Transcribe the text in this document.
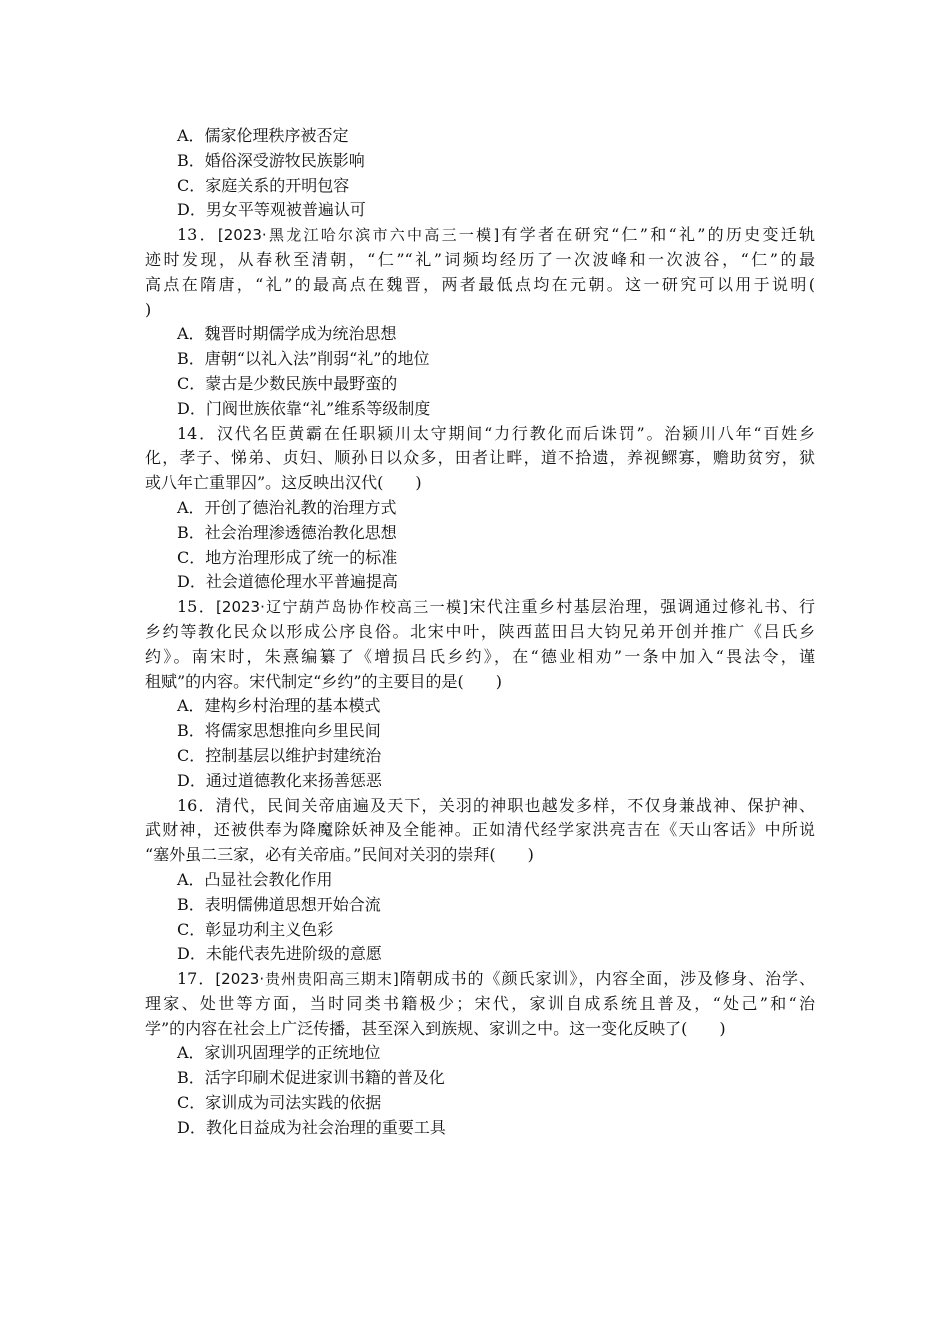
A．儒家伦理秩序被否定
B．婚俗深受游牧民族影响
C．家庭关系的开明包容
D．男女平等观被普遍认可
13．[2023·黑龙江哈尔滨市六中高三一模]有学者在研究“仁”和“礼”的历史变迁轨
迹时发现，从春秋至清朝，“仁”“礼”词频均经历了一次波峰和一次波谷，“仁”的最
高点在隋唐，“礼”的最高点在魏晋，两者最低点均在元朝。这一研究可以用于说明(
)
A．魏晋时期儒学成为统治思想
B．唐朝“以礼入法”削弱“礼”的地位
C．蒙古是少数民族中最野蛮的
D．门阀世族依靠“礼”维系等级制度
14．汉代名臣黄霸在任职颍川太守期间“力行教化而后诛罚”。治颍川八年“百姓乡
化，孝子、悌弟、贞妇、顺孙日以众多，田者让畔，道不拾遗，养视鳏寡，赡助贫穷，狱
或八年亡重罪囚”。这反映出汉代(　　)
A．开创了德治礼教的治理方式
B．社会治理渗透德治教化思想
C．地方治理形成了统一的标准
D．社会道德伦理水平普遍提高
15．[2023·辽宁葫芦岛协作校高三一模]宋代注重乡村基层治理，强调通过修礼书、行
乡约等教化民众以形成公序良俗。北宋中叶，陕西蓝田吕大钧兄弟开创并推广《吕氏乡
约》。南宋时，朱熹编纂了《增损吕氏乡约》，在“德业相劝”一条中加入“畏法令，谨
租赋”的内容。宋代制定“乡约”的主要目的是(　　)
A．建构乡村治理的基本模式
B．将儒家思想推向乡里民间
C．控制基层以维护封建统治
D．通过道德教化来扬善惩恶
16．清代，民间关帝庙遍及天下，关羽的神职也越发多样，不仅身兼战神、保护神、
武财神，还被供奉为降魔除妖神及全能神。正如清代经学家洪亮吉在《天山客话》中所说
“塞外虽二三家，必有关帝庙。”民间对关羽的崇拜(　　)
A．凸显社会教化作用
B．表明儒佛道思想开始合流
C．彰显功利主义色彩
D．未能代表先进阶级的意愿
17．[2023·贵州贵阳高三期末]隋朝成书的《颜氏家训》，内容全面，涉及修身、治学、
理家、处世等方面，当时同类书籍极少；宋代，家训自成系统且普及，“处己”和“治
学”的内容在社会上广泛传播，甚至深入到族规、家训之中。这一变化反映了(　　)
A．家训巩固理学的正统地位
B．活字印刷术促进家训书籍的普及化
C．家训成为司法实践的依据
D．教化日益成为社会治理的重要工具
